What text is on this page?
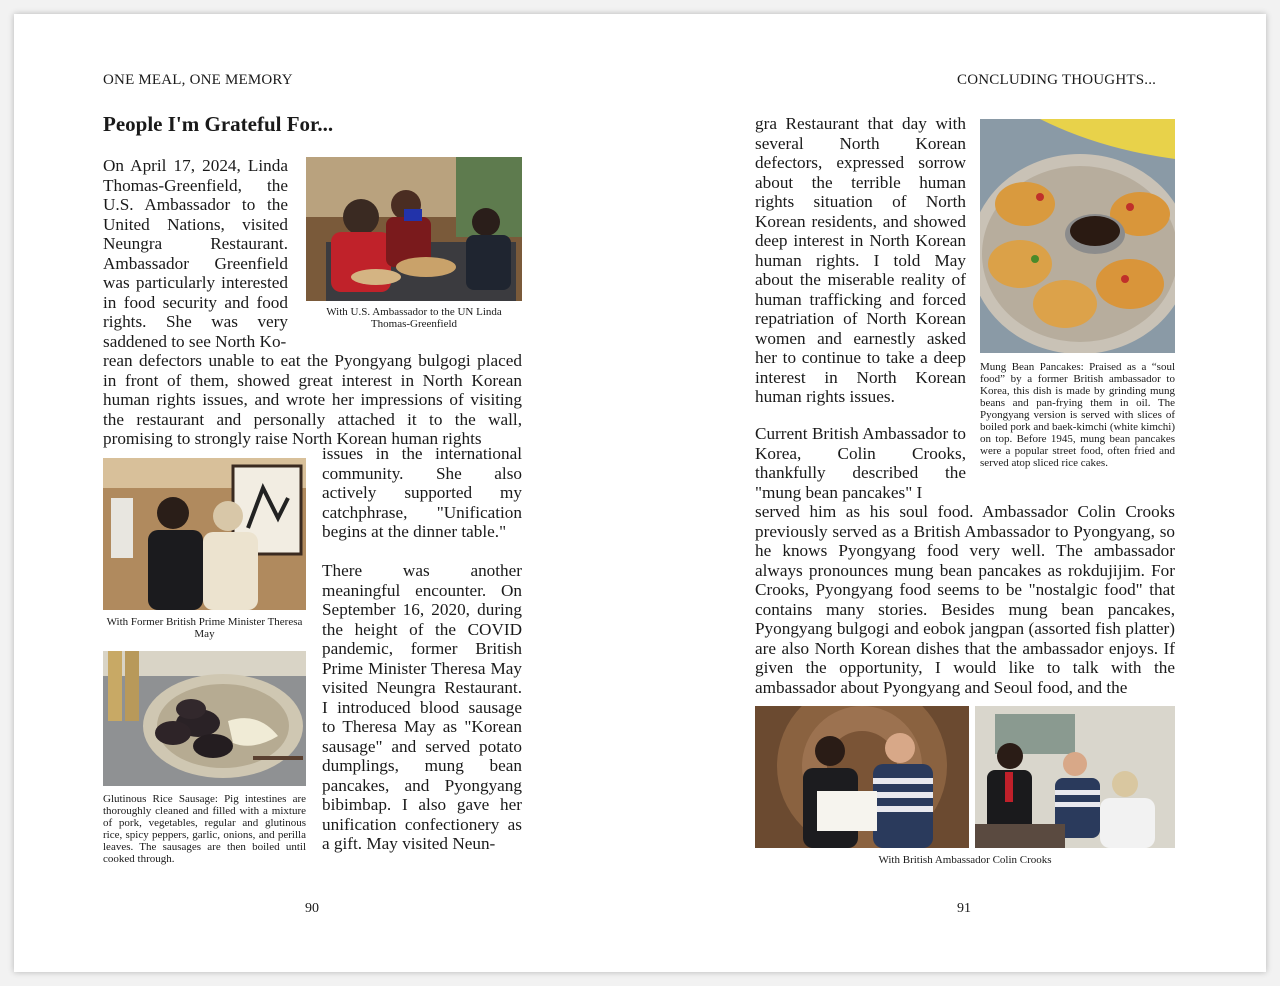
ONE MEAL, ONE MEMORY
People I'm Grateful For...

On April 17, 2024, Linda Thomas-Greenfield, the U.S. Ambassador to the United Nations, visited Neungra Restaurant. Ambassador Greenfield was particularly interested in food security and food rights. She was very saddened to see North Ko-

With U.S. Ambassador to the UN Linda Thomas-Greenfield

rean defectors unable to eat the Pyongyang bulgogi placed in front of them, showed great interest in North Korean human rights issues, and wrote her impressions of visiting the restaurant and personally attached it to the wall, promising to strongly raise North Korean human rights

With Former British Prime Minister Theresa May

issues in the international community. She also actively supported my catchphrase, "Unification begins at the dinner table."

There was another meaningful encounter. On September 16, 2020, during the height of the COVID pandemic, former British Prime Minister Theresa May visited Neungra Restaurant. I introduced blood sausage to Theresa May as "Korean sausage" and served potato dumplings, mung bean pancakes, and Pyongyang bibimbap. I also gave her unification confectionery as a gift. May visited Neun-

Glutinous Rice Sausage: Pig intestines are thoroughly cleaned and filled with a mixture of pork, vegetables, regular and glutinous rice, spicy peppers, garlic, onions, and perilla leaves. The sausages are then boiled until cooked through.
90
CONCLUDING THOUGHTS...

gra Restaurant that day with several North Korean defectors, expressed sorrow about the terrible human rights situation of North Korean residents, and showed deep interest in North Korean human rights. I told May about the miserable reality of human trafficking and forced repatriation of North Korean women and earnestly asked her to continue to take a deep interest in North Korean human rights issues.

Mung Bean Pancakes: Praised as a “soul food” by a former British ambassador to Korea, this dish is made by grinding mung beans and pan-frying them in oil. The Pyongyang version is served with slices of boiled pork and baek-kimchi (white kimchi) on top. Before 1945, mung bean pancakes were a popular street food, often fried and served atop sliced rice cakes.

Current British Ambassador to Korea, Colin Crooks, thankfully described the "mung bean pancakes" I

served him as his soul food. Ambassador Colin Crooks previously served as a British Ambassador to Pyongyang, so he knows Pyongyang food very well. The ambassador always pronounces mung bean pancakes as rokdujijim. For Crooks, Pyongyang food seems to be "nostalgic food" that contains many stories. Besides mung bean pancakes, Pyongyang bulgogi and eobok jangpan (assorted fish platter) are also North Korean dishes that the ambassador enjoys. If given the opportunity, I would like to talk with the ambassador about Pyongyang and Seoul food, and the

With British Ambassador Colin Crooks
91
